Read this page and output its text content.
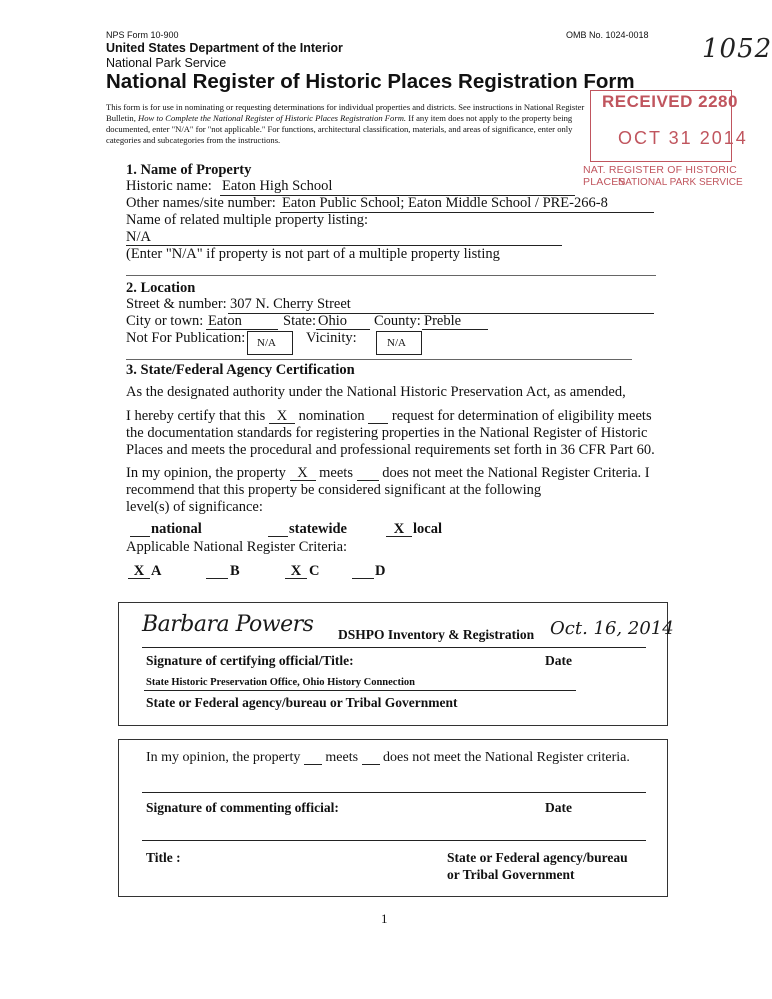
NPS Form 10-900	OMB No. 1024-0018
United States Department of the Interior
National Park Service
National Register of Historic Places Registration Form
1052
This form is for use in nominating or requesting determinations for individual properties and districts. See instructions in National Register
Bulletin, How to Complete the National Register of Historic Places Registration Form. If any item does not apply to the property being
documented, enter "N/A" for "not applicable." For functions, architectural classification, materials, and areas of significance, enter only
categories and subcategories from the instructions.
RECEIVED 2280
OCT 31 2014
NAT. REGISTER OF HISTORIC PLACES
NATIONAL PARK SERVICE
1. Name of Property
Historic name: Eaton High School
Other names/site number: Eaton Public School; Eaton Middle School / PRE-266-8
Name of related multiple property listing:
N/A
(Enter "N/A" if property is not part of a multiple property listing
2. Location
Street & number: 307 N. Cherry Street
City or town: Eaton	State: Ohio County: Preble
Not For Publication: N/A Vicinity:	N/A
3. State/Federal Agency Certification
As the designated authority under the National Historic Preservation Act, as amended,
I hereby certify that this X nomination request for determination of eligibility meets
the documentation standards for registering properties in the National Register of Historic
Places and meets the procedural and professional requirements set forth in 36 CFR Part 60.
In my opinion, the property X meets does not meet the National Register Criteria. I
recommend that this property be considered significant at the following
level(s) of significance:
national	statewide	X local
Applicable National Register Criteria:
X A	B	X C	D
Barbara Powers DSHPO Inventory & Registration Oct. 16, 2014
Signature of certifying official/Title:	Date
State Historic Preservation Office, Ohio History Connection
State or Federal agency/bureau or Tribal Government
In my opinion, the property meets does not meet the National Register criteria.
Signature of commenting official:	Date
Title :	State or Federal agency/bureau
or Tribal Government
1
